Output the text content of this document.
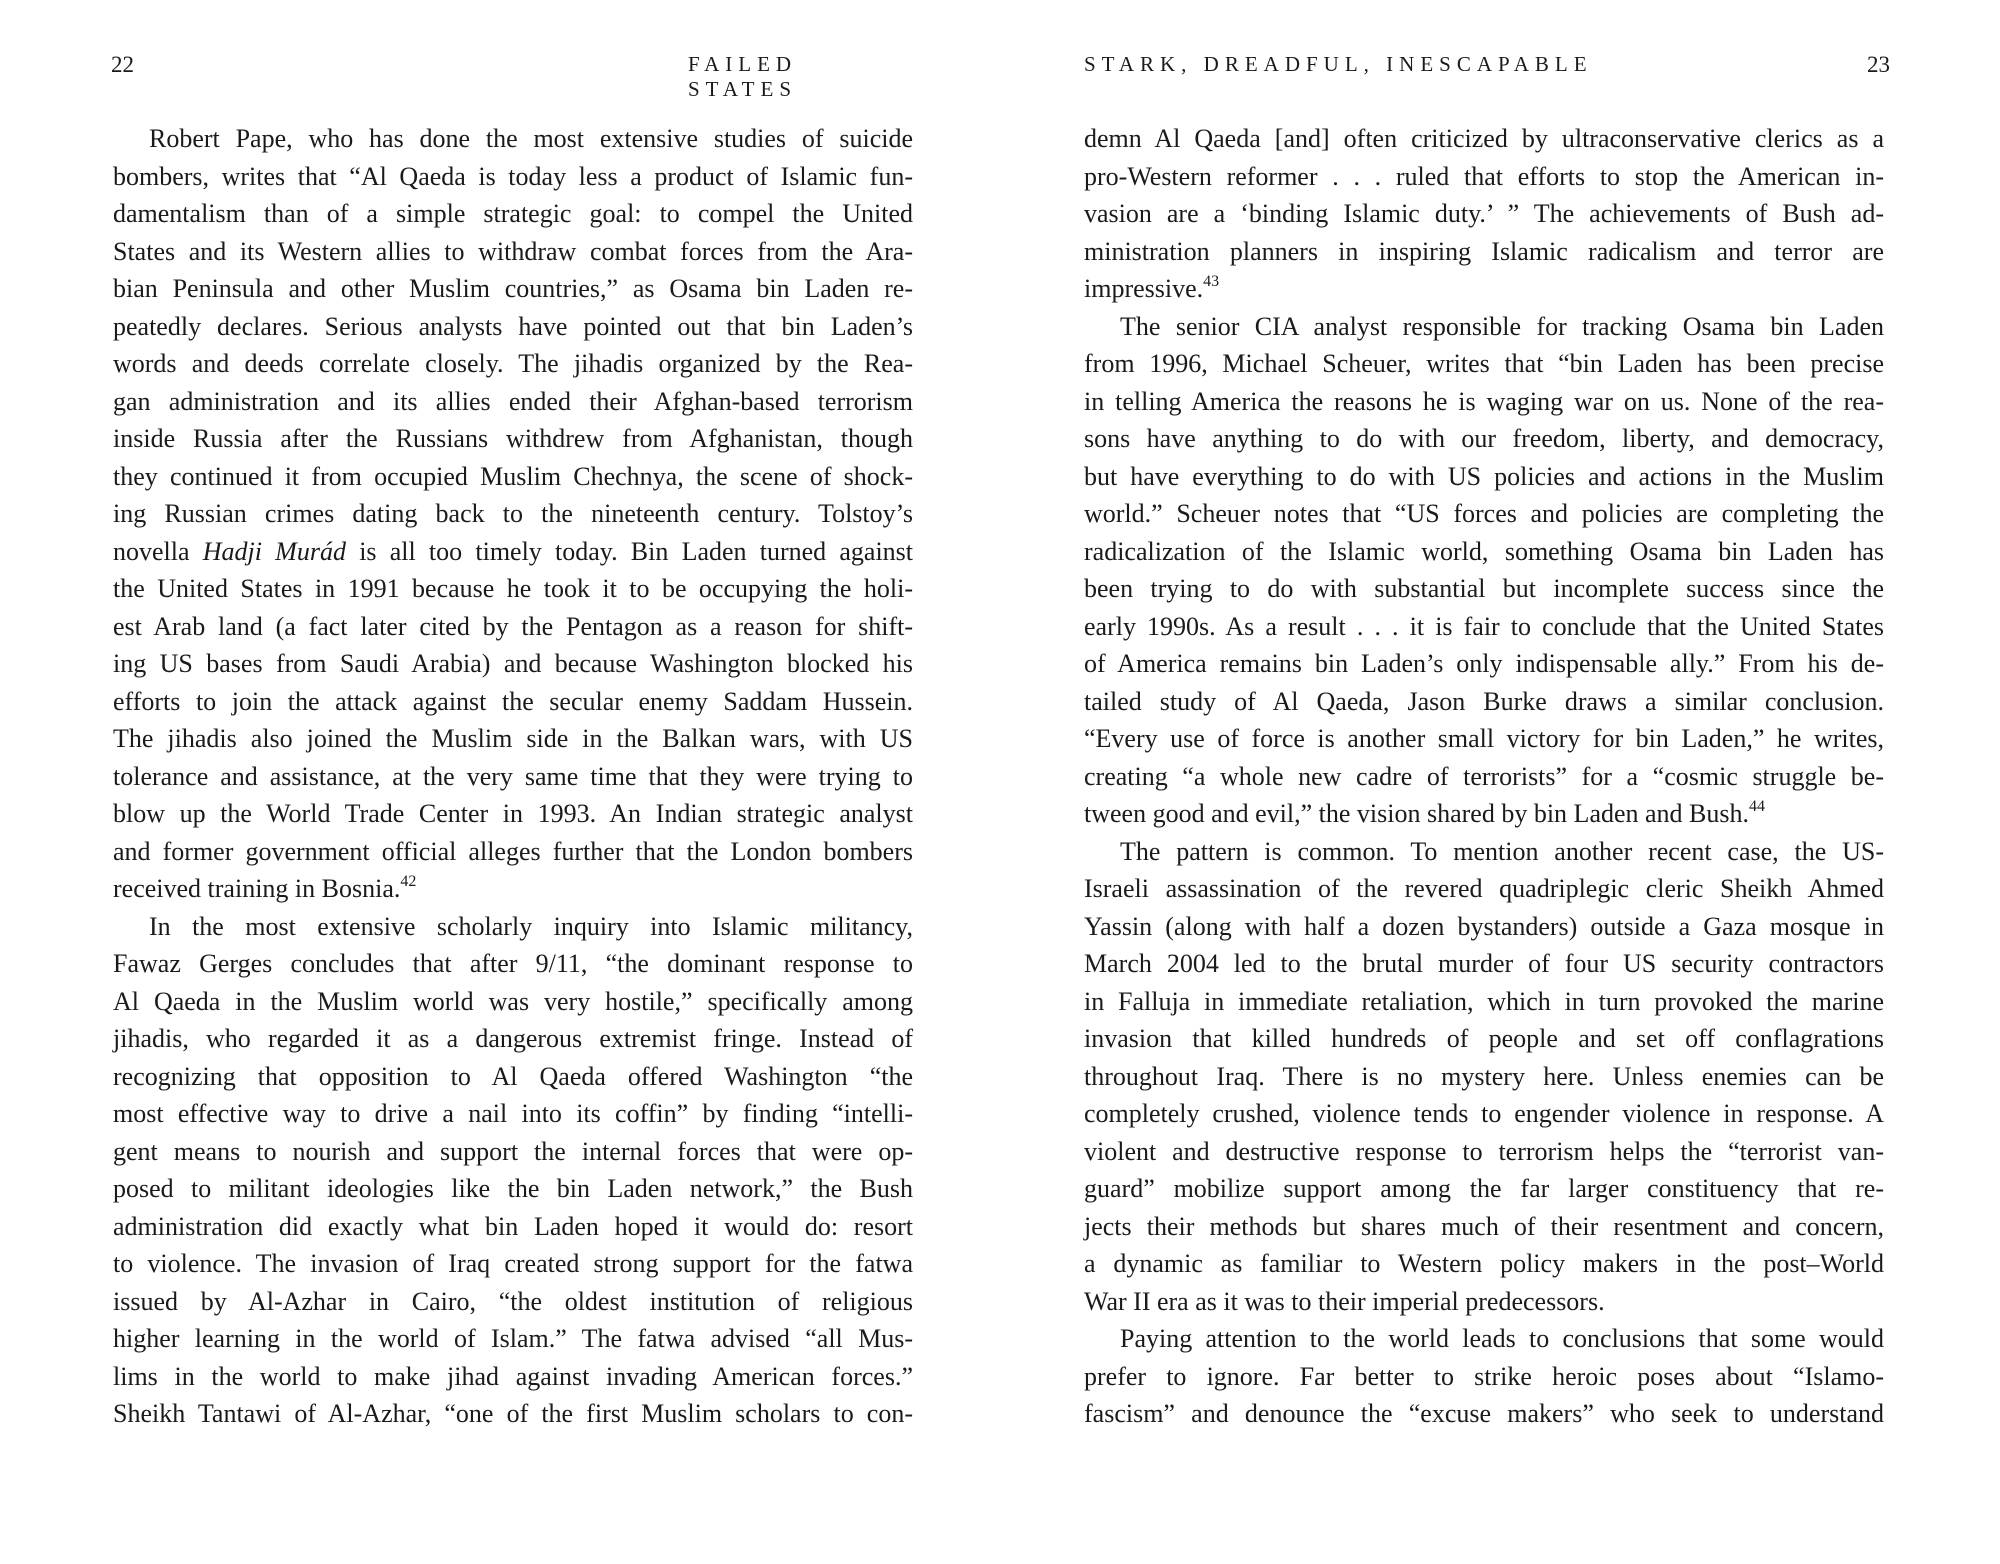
22	FAILED STATES
Robert Pape, who has done the most extensive studies of suicide
bombers, writes that “Al Qaeda is today less a product of Islamic fun-
damentalism than of a simple strategic goal: to compel the United
States and its Western allies to withdraw combat forces from the Ara-
bian Peninsula and other Muslim countries,” as Osama bin Laden re-
peatedly declares. Serious analysts have pointed out that bin Laden’s
words and deeds correlate closely. The jihadis organized by the Rea-
gan administration and its allies ended their Afghan-based terrorism
inside Russia after the Russians withdrew from Afghanistan, though
they continued it from occupied Muslim Chechnya, the scene of shock-
ing Russian crimes dating back to the nineteenth century. Tolstoy’s
novella Hadji Murád is all too timely today. Bin Laden turned against
the United States in 1991 because he took it to be occupying the holi-
est Arab land (a fact later cited by the Pentagon as a reason for shift-
ing US bases from Saudi Arabia) and because Washington blocked his
efforts to join the attack against the secular enemy Saddam Hussein.
The jihadis also joined the Muslim side in the Balkan wars, with US
tolerance and assistance, at the very same time that they were trying to
blow up the World Trade Center in 1993. An Indian strategic analyst
and former government official alleges further that the London bombers
received training in Bosnia.$^{42}$
In the most extensive scholarly inquiry into Islamic militancy,
Fawaz Gerges concludes that after 9/11, “the dominant response to
Al Qaeda in the Muslim world was very hostile,” specifically among
jihadis, who regarded it as a dangerous extremist fringe. Instead of
recognizing that opposition to Al Qaeda offered Washington “the
most effective way to drive a nail into its coffin” by finding “intelli-
gent means to nourish and support the internal forces that were op-
posed to militant ideologies like the bin Laden network,” the Bush
administration did exactly what bin Laden hoped it would do: resort
to violence. The invasion of Iraq created strong support for the fatwa
issued by Al-Azhar in Cairo, “the oldest institution of religious
higher learning in the world of Islam.” The fatwa advised “all Mus-
lims in the world to make jihad against invading American forces.”
Sheikh Tantawi of Al-Azhar, “one of the first Muslim scholars to con-
STARK, DREADFUL, INESCAPABLE	23
demn Al Qaeda [and] often criticized by ultraconservative clerics as a
pro-Western reformer . . . ruled that efforts to stop the American in-
vasion are a ‘binding Islamic duty.’ ” The achievements of Bush ad-
ministration planners in inspiring Islamic radicalism and terror are
impressive.$^{43}$
The senior CIA analyst responsible for tracking Osama bin Laden
from 1996, Michael Scheuer, writes that “bin Laden has been precise
in telling America the reasons he is waging war on us. None of the rea-
sons have anything to do with our freedom, liberty, and democracy,
but have everything to do with US policies and actions in the Muslim
world.” Scheuer notes that “US forces and policies are completing the
radicalization of the Islamic world, something Osama bin Laden has
been trying to do with substantial but incomplete success since the
early 1990s. As a result . . . it is fair to conclude that the United States
of America remains bin Laden’s only indispensable ally.” From his de-
tailed study of Al Qaeda, Jason Burke draws a similar conclusion.
“Every use of force is another small victory for bin Laden,” he writes,
creating “a whole new cadre of terrorists” for a “cosmic struggle be-
tween good and evil,” the vision shared by bin Laden and Bush.$^{44}$
The pattern is common. To mention another recent case, the US-
Israeli assassination of the revered quadriplegic cleric Sheikh Ahmed
Yassin (along with half a dozen bystanders) outside a Gaza mosque in
March 2004 led to the brutal murder of four US security contractors
in Falluja in immediate retaliation, which in turn provoked the marine
invasion that killed hundreds of people and set off conflagrations
throughout Iraq. There is no mystery here. Unless enemies can be
completely crushed, violence tends to engender violence in response. A
violent and destructive response to terrorism helps the “terrorist van-
guard” mobilize support among the far larger constituency that re-
jects their methods but shares much of their resentment and concern,
a dynamic as familiar to Western policy makers in the post–World
War II era as it was to their imperial predecessors.
Paying attention to the world leads to conclusions that some would
prefer to ignore. Far better to strike heroic poses about “Islamo-
fascism” and denounce the “excuse makers” who seek to understand
